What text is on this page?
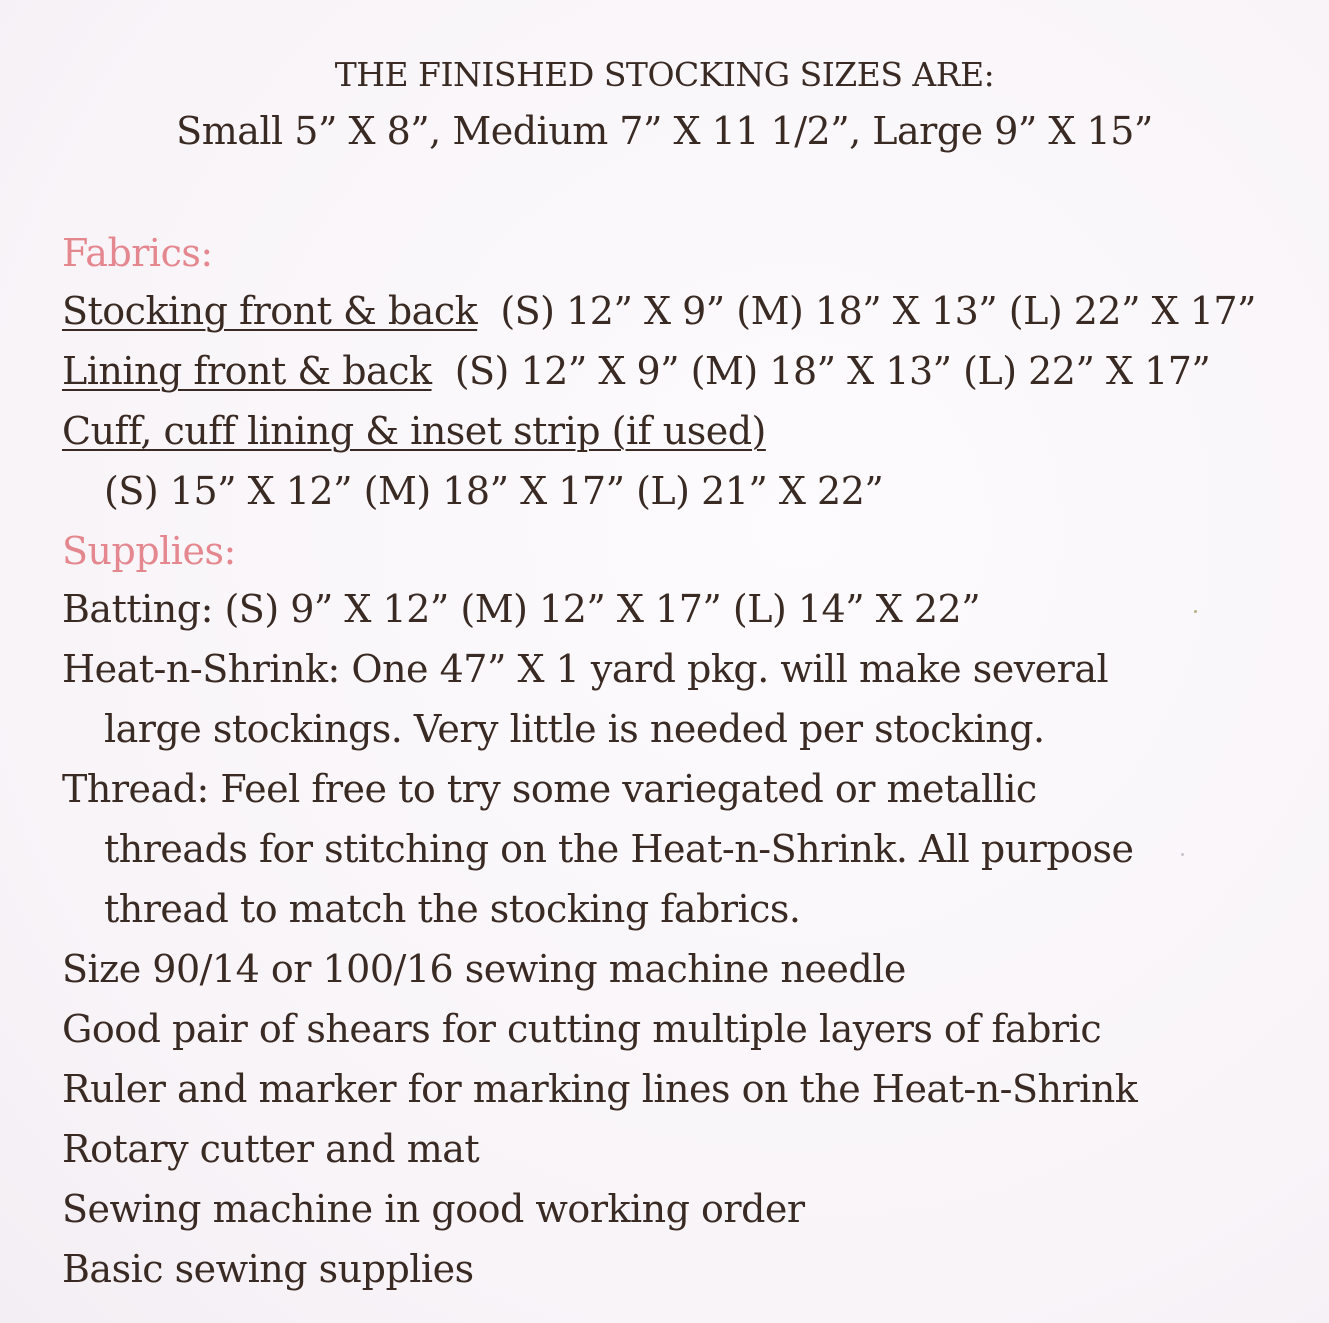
THE FINISHED STOCKING SIZES ARE:
Small 5” X 8”, Medium 7” X 11 1/2”, Large 9” X 15”
Fabrics:
Stocking front & back (S) 12” X 9” (M) 18” X 13” (L) 22” X 17”
Lining front & back (S) 12” X 9” (M) 18” X 13” (L) 22” X 17”
Cuff, cuff lining & inset strip (if used)
(S) 15” X 12” (M) 18” X 17” (L) 21” X 22”
Supplies:
Batting: (S) 9” X 12” (M) 12” X 17” (L) 14” X 22”
Heat-n-Shrink: One 47” X 1 yard pkg. will make several
large stockings. Very little is needed per stocking.
Thread: Feel free to try some variegated or metallic
threads for stitching on the Heat-n-Shrink. All purpose
thread to match the stocking fabrics.
Size 90/14 or 100/16 sewing machine needle
Good pair of shears for cutting multiple layers of fabric
Ruler and marker for marking lines on the Heat-n-Shrink
Rotary cutter and mat
Sewing machine in good working order
Basic sewing supplies
